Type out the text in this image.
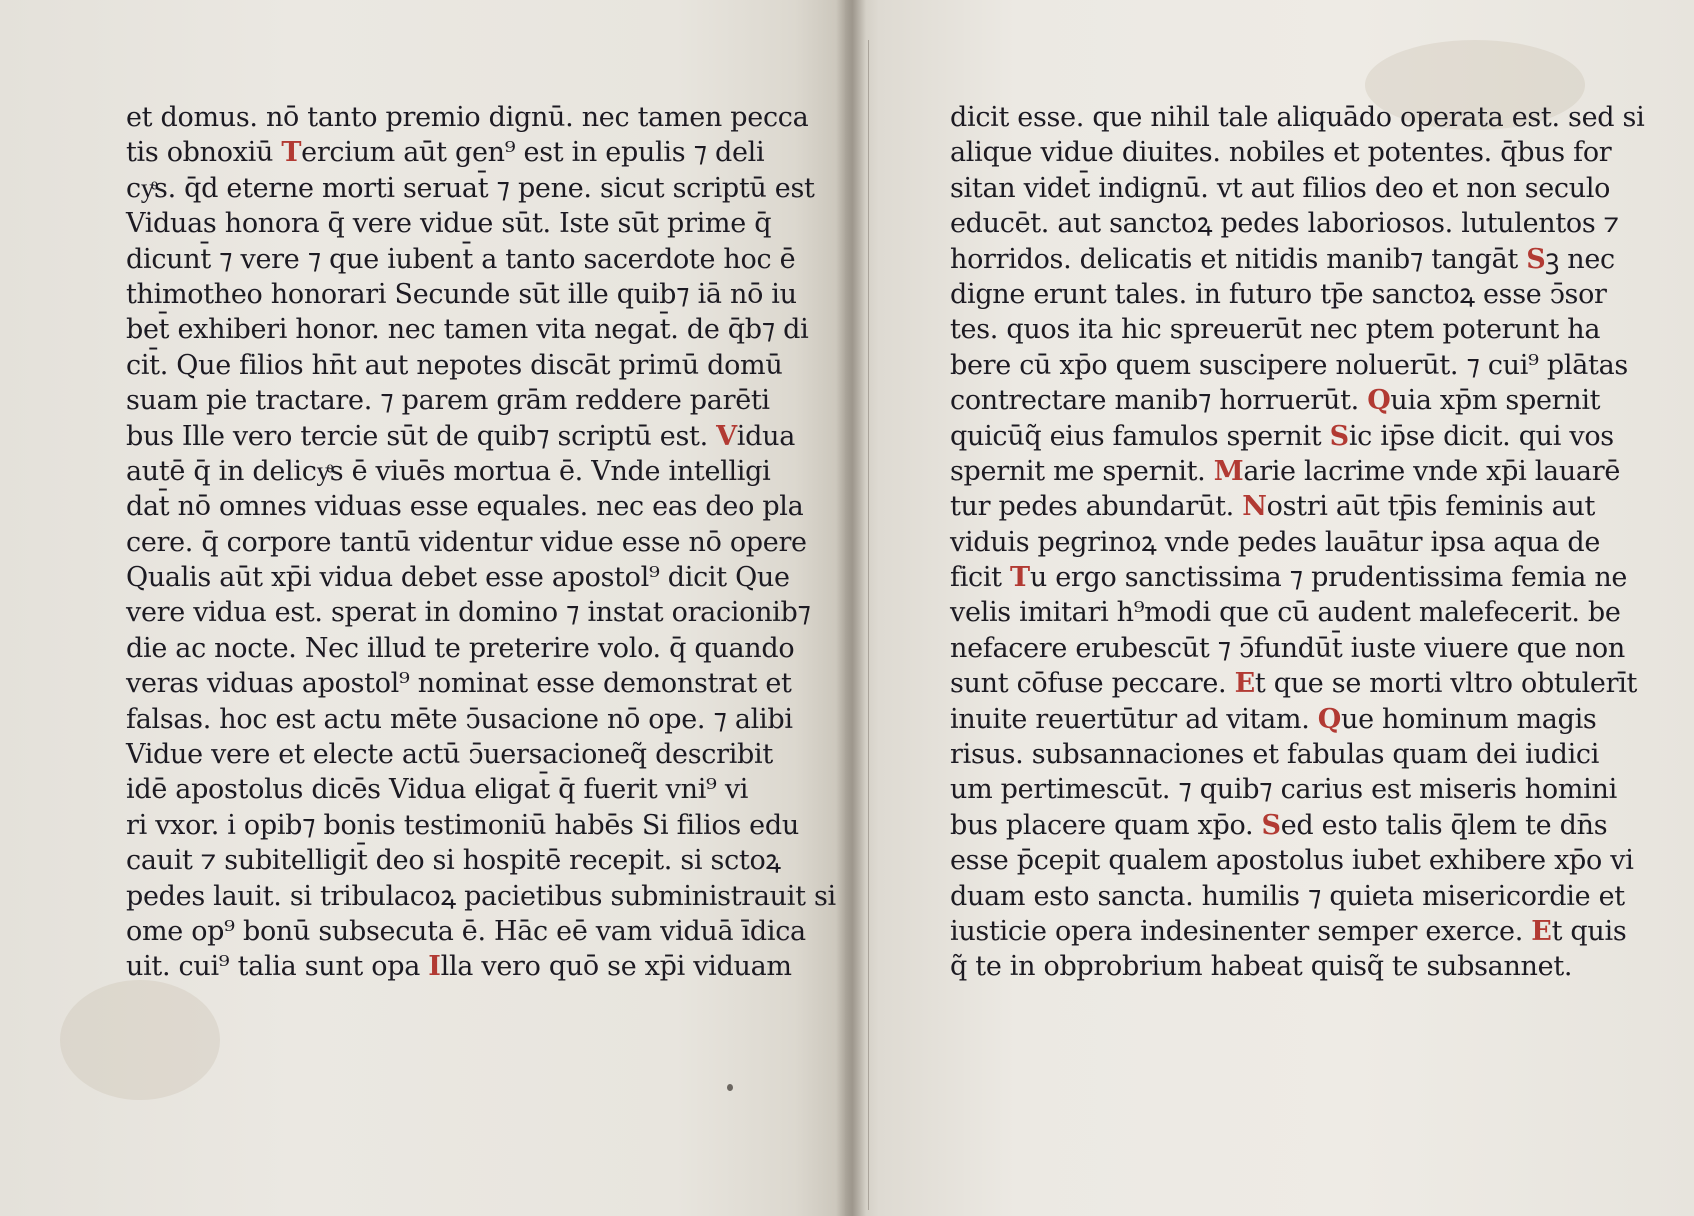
et domus. nō tanto premio dignū. nec tamen pecca
tis obnoxiū Tercium aūt gen⁹ est in epulis ⁊ deli
cyͤs. q̄d eterne morti seruat̄ ⁊ pene. sicut scriptū est
Viduas honora q̄ vere vidue sūt. Iste sūt prime q̄
dicunt̄ ⁊ vere ⁊ que iubent̄ a tanto sacerdote hoc ē
thimotheo honorari Secunde sūt ille quib⁊ iā nō iu
bet̄ exhiberi honor. nec tamen vita negat̄. de q̄b⁊ di
cit̄. Que filios hn̄t aut nepotes discāt primū domū
suam pie tractare. ⁊ parem grām reddere parēti
bus Ille vero tercie sūt de quib⁊ scriptū est. Vidua
autē q̄ in delicyͤs ē viuēs mortua ē. Vnde intelligi
dat̄ nō omnes viduas esse equales. nec eas deo pla
cere. q̄ corpore tantū videntur vidue esse nō opere
Qualis aūt xp̄i vidua debet esse apostol⁹ dicit Que
vere vidua est. sperat in domino ⁊ instat oracionib⁊
die ac nocte. Nec illud te preterire volo. q̄ quando
veras viduas apostol⁹ nominat esse demonstrat et
falsas. hoc est actu mēte ↄ̄usacione nō ope. ⁊ alibi
Vidue vere et electe actū ↄ̄uersacioneq̃ describit
idē apostolus dicēs Vidua eligat̄ q̄ fuerit vni⁹ vi
ri vxor. i opib⁊ bonis testimoniū habēs Si filios edu
cauit ⁊ subitelligit̄ deo si hospitē recepit. si sctoꝝ
pedes lauit. si tribulacoꝝ pacietibus subministrauit si
ome op⁹ bonū subsecuta ē. Hāc eē vam viduā īdica
uit. cui⁹ talia sunt opa Illa vero quō se xp̄i viduam
dicit esse. que nihil tale aliquādo operata est. sed si
alique vidue diuites. nobiles et potentes. q̄bus for
sitan videt̄ indignū. vt aut filios deo et non seculo
educēt. aut sanctoꝝ pedes laboriosos. lutulentos ⁊
horridos. delicatis et nitidis manib⁊ tangāt Sꝫ nec
digne erunt tales. in futuro tp̄e sanctoꝝ esse ↄ̄sor
tes. quos ita hic spreuerūt nec ptem poterunt ha
bere cū xp̄o quem suscipere noluerūt. ⁊ cui⁹ plātas
contrectare manib⁊ horruerūt. Quia xp̄m spernit
quicūq̃ eius famulos spernit Sic ip̄se dicit. qui vos
spernit me spernit. Marie lacrime vnde xp̄i lauarē
tur pedes abundarūt. Nostri aūt tp̄is feminis aut
viduis pegrinoꝝ vnde pedes lauātur ipsa aqua de
ficit Tu ergo sanctissima ⁊ prudentissima femia ne
velis imitari h⁹modi que cū audent malefecerit. be
nefacere erubescūt ⁊ ↄ̄fundūt̄ iuste viuere que non
sunt cōfuse peccare. Et que se morti vltro obtulerīt
inuite reuertūtur ad vitam. Que hominum magis
risus. subsannaciones et fabulas quam dei iudici
um pertimescūt. ⁊ quib⁊ carius est miseris homini
bus placere quam xp̄o. Sed esto talis q̄lem te dn̄s
esse p̄cepit qualem apostolus iubet exhibere xp̄o vi
duam esto sancta. humilis ⁊ quieta misericordie et
iusticie opera indesinenter semper exerce. Et quis
q̃ te in obprobrium habeat quisq̃ te subsannet.
